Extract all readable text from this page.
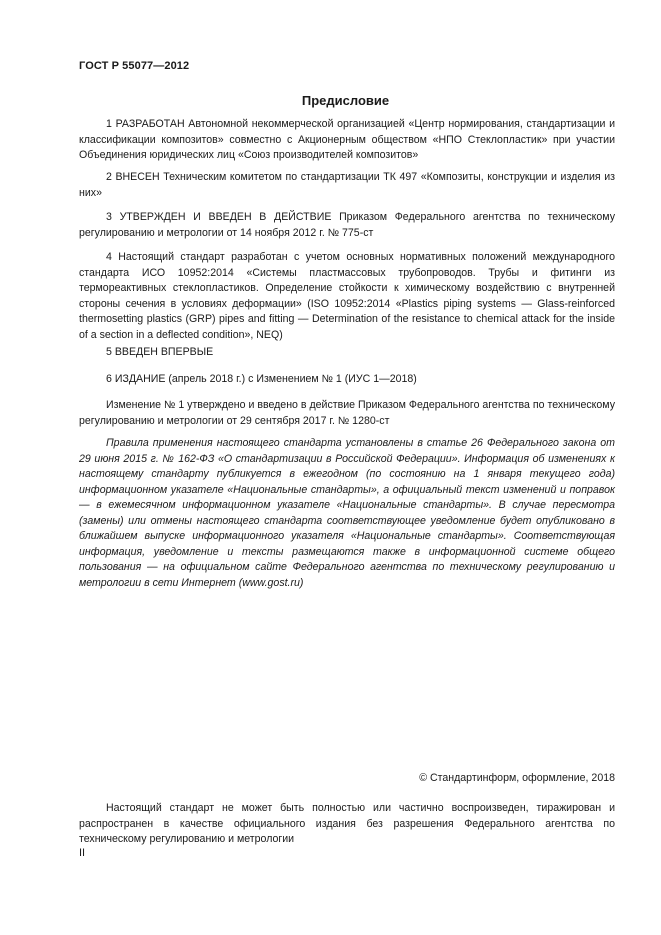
ГОСТ Р 55077—2012
Предисловие

1 РАЗРАБОТАН Автономной некоммерческой организацией «Центр нормирования, стандартизации и классификации композитов» совместно с Акционерным обществом «НПО Стеклопластик» при участии Объединения юридических лиц «Союз производителей композитов»

2 ВНЕСЕН Техническим комитетом по стандартизации ТК 497 «Композиты, конструкции и изделия из них»

3 УТВЕРЖДЕН И ВВЕДЕН В ДЕЙСТВИЕ Приказом Федерального агентства по техническому регулированию и метрологии от 14 ноября 2012 г. № 775-ст

4 Настоящий стандарт разработан с учетом основных нормативных положений международного стандарта ИСО 10952:2014 «Системы пластмассовых трубопроводов. Трубы и фитинги из термореактивных стеклопластиков. Определение стойкости к химическому воздействию с внутренней стороны сечения в условиях деформации» (ISO 10952:2014 «Plastics piping systems — Glass-reinforced thermosetting plastics (GRP) pipes and fitting — Determination of the resistance to chemical attack for the inside of a section in a deflected condition», NEQ)

5 ВВЕДЕН ВПЕРВЫЕ

6 ИЗДАНИЕ (апрель 2018 г.) с Изменением № 1 (ИУС 1—2018)

Изменение № 1 утверждено и введено в действие Приказом Федерального агентства по техническому регулированию и метрологии от 29 сентября 2017 г. № 1280-ст

Правила применения настоящего стандарта установлены в статье 26 Федерального закона от 29 июня 2015 г. № 162-ФЗ «О стандартизации в Российской Федерации». Информация об изменениях к настоящему стандарту публикуется в ежегодном (по состоянию на 1 января текущего года) информационном указателе «Национальные стандарты», а официальный текст изменений и поправок — в ежемесячном информационном указателе «Национальные стандарты». В случае пересмотра (замены) или отмены настоящего стандарта соответствующее уведомление будет опубликовано в ближайшем выпуске информационного указателя «Национальные стандарты». Соответствующая информация, уведомление и тексты размещаются также в информационной системе общего пользования — на официальном сайте Федерального агентства по техническому регулированию и метрологии в сети Интернет (www.gost.ru)

© Стандартинформ, оформление, 2018

Настоящий стандарт не может быть полностью или частично воспроизведен, тиражирован и распространен в качестве официального издания без разрешения Федерального агентства по техническому регулированию и метрологии

II
